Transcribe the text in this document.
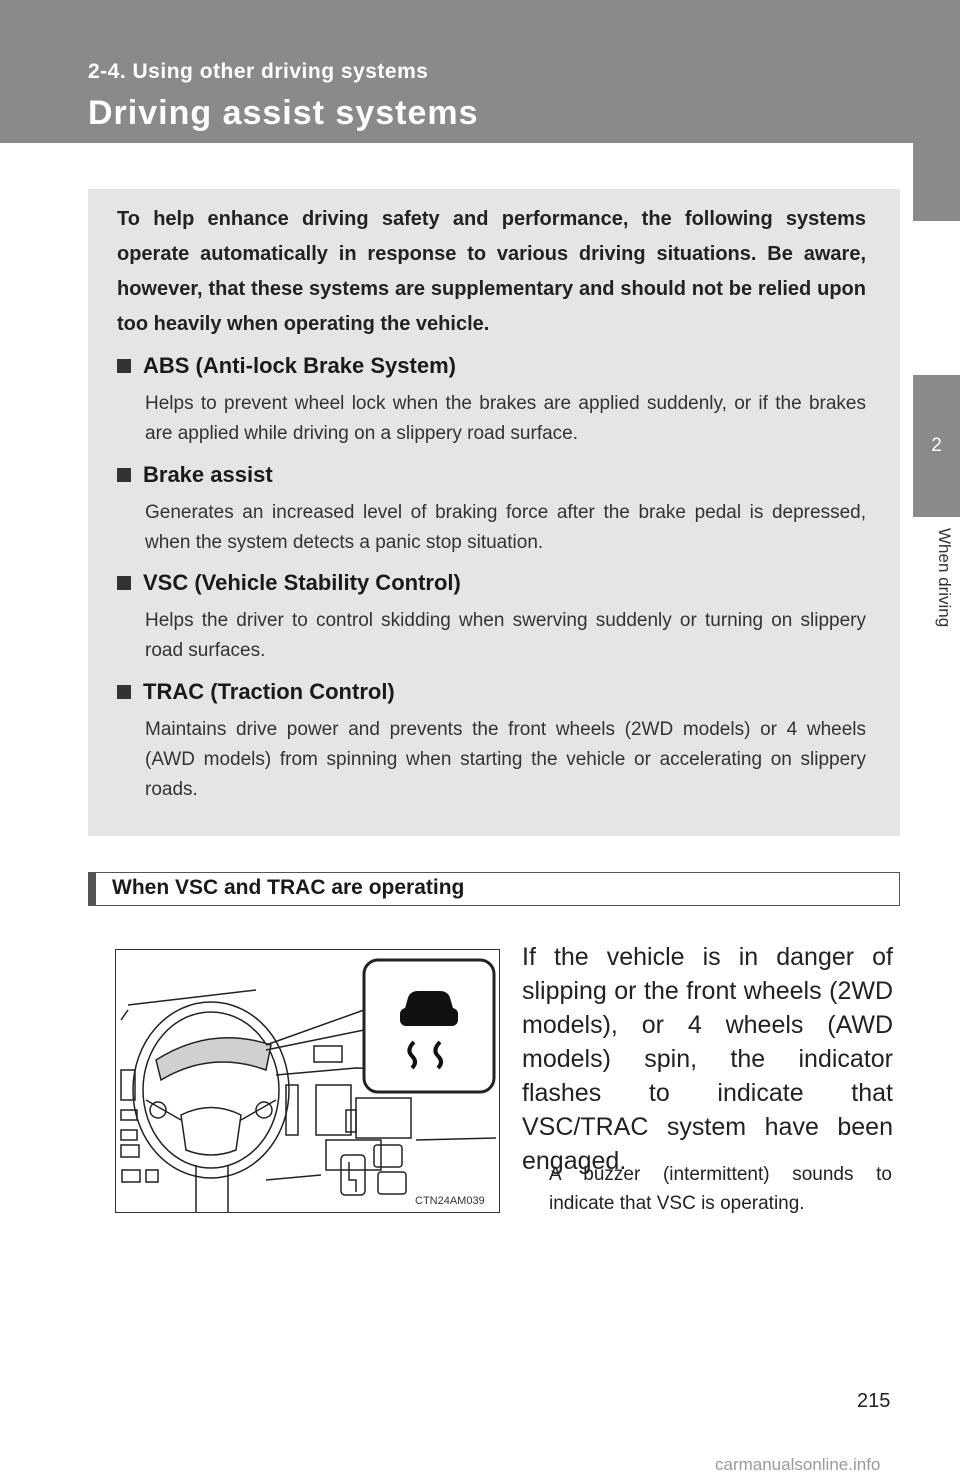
2-4. Using other driving systems
Driving assist systems
2
When driving

To help enhance driving safety and performance, the following systems operate automatically in response to various driving situations. Be aware, however, that these systems are supplementary and should not be relied upon too heavily when operating the vehicle.

ABS (Anti-lock Brake System)

Helps to prevent wheel lock when the brakes are applied suddenly, or if the brakes are applied while driving on a slippery road surface.

Brake assist

Generates an increased level of braking force after the brake pedal is depressed, when the system detects a panic stop situation.

VSC (Vehicle Stability Control)

Helps the driver to control skidding when swerving suddenly or turning on slippery road surfaces.

TRAC (Traction Control)

Maintains drive power and prevents the front wheels (2WD models) or 4 wheels (AWD models) from spinning when starting the vehicle or accelerating on slippery roads.

When VSC and TRAC are operating
CTN24AM039

If the vehicle is in danger of slipping or the front wheels (2WD models), or 4 wheels (AWD models) spin, the indicator flashes to indicate that VSC/TRAC system have been engaged.

A buzzer (intermittent) sounds to indicate that VSC is operating.

215
carmanualsonline.info
